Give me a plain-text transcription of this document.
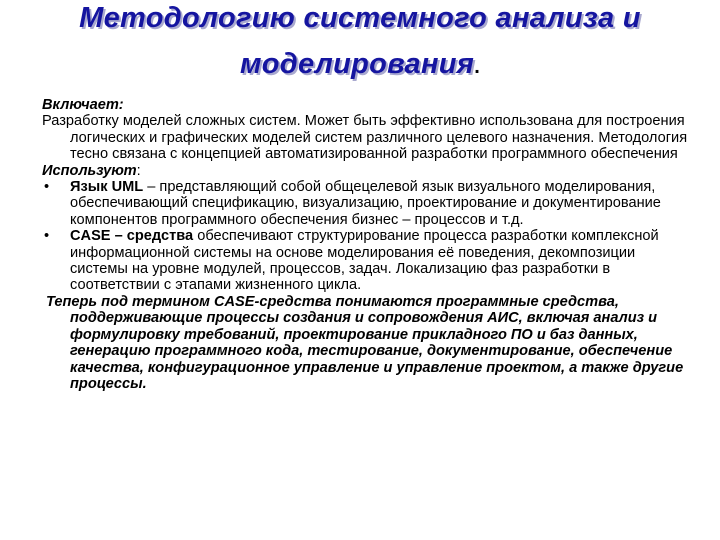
Методологию системного анализа и
моделирования.

Включает:

Разработку моделей сложных систем. Может быть эффективно использована для построения логических и графических моделей систем различного целевого назначения. Методология тесно связана с концепцией автоматизированной разработки программного обеспечения

Используют:

• Язык UML – представляющий собой общецелевой язык визуального моделирования, обеспечивающий спецификацию, визуализацию, проектирование и документирование компонентов программного обеспечения бизнес – процессов и т.д.
• CASE – средства обеспечивают структурирование процесса разработки комплексной информационной системы на основе моделирования её поведения, декомпозиции системы на уровне модулей, процессов, задач. Локализацию фаз разработки в соответствии с этапами жизненного цикла.

Теперь под термином CASE-средства понимаются программные средства, поддерживающие процессы создания и сопровождения АИС, включая анализ и формулировку требований, проектирование прикладного ПО и баз данных, генерацию программного кода, тестирование, документирование, обеспечение качества, конфигурационное управление и управление проектом, а также другие процессы.
